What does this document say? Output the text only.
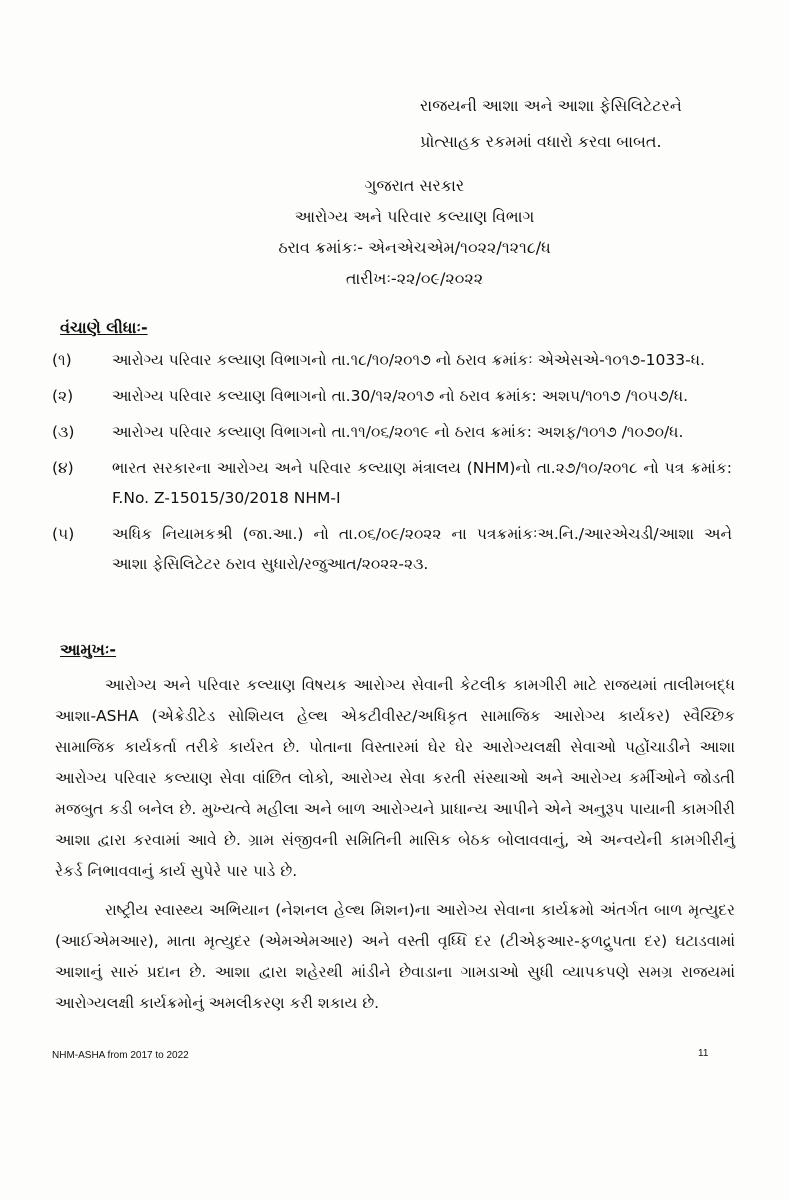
રાજયની આશા અને આશા ફેસિલિટેટરને
પ્રોત્સાહક રકમમાં વધારો કરવા બાબત.
ગુજરાત સરકાર
આરોગ્ય અને પરિવાર કલ્યાણ વિભાગ
ઠરાવ ક્રમાંકઃ- એનએચએમ/૧૦૨૨/૧૨૧૮/ધ
તારીખઃ-૨૨/૦૯/૨૦૨૨
વંચાણે લીધાઃ-
(૧)	આરોગ્ય પરિવાર કલ્યાણ વિભાગનો તા.૧૮/૧૦/૨૦૧૭ નો ઠરાવ ક્રમાંકઃ એએસએ-૧૦૧૭-1033-ધ.
(૨)	આરોગ્ય પરિવાર કલ્યાણ વિભાગનો તા.30/૧૨/૨૦૧૭ નો ઠરાવ ક્રમાંક: અશપ/૧૦૧૭ /૧૦૫૭/ધ.
(૩)	આરોગ્ય પરિવાર કલ્યાણ વિભાગનો તા.૧૧/૦૬/૨૦૧૯ નો ઠરાવ ક્રમાંક: અશફ/૧૦૧૭ /૧૦૭૦/ધ.
(૪)	ભારત સરકારના આરોગ્ય અને પરિવાર કલ્યાણ મંત્રાલય (NHM)નો તા.૨૭/૧૦/૨૦૧૮ નો પત્ર ક્રમાંક: F.No. Z-15015/30/2018 NHM-I
(૫)	અધિક નિયામકશ્રી (જા.આ.) નો તા.૦૬/૦૯/૨૦૨૨ ના પત્રક્રમાંકઃઅ.નિ./આરએચડી/આશા અને આશા ફેસિલિટેટર ઠરાવ સુધારો/રજુઆત/૨૦૨૨-૨૩.
આમુખઃ-

આરોગ્ય અને પરિવાર કલ્યાણ વિષયક આરોગ્ય સેવાની કેટલીક કામગીરી માટે રાજયમાં તાલીમબદ્ધ આશા-ASHA (એક્રેડીટેડ સોશિયલ હેલ્થ એકટીવીસ્ટ/અધિકૃત સામાજિક આરોગ્ય કાર્યકર) સ્વૈચ્છિક સામાજિક કાર્યકર્તા તરીકે કાર્યરત છે. પોતાના વિસ્તારમાં ઘેર ઘેર આરોગ્યલક્ષી સેવાઓ પહોંચાડીને આશા આરોગ્ય પરિવાર કલ્યાણ સેવા વાંછિત લોકો, આરોગ્ય સેવા કરતી સંસ્થાઓ અને આરોગ્ય કર્મીઓને જોડતી મજબુત કડી બનેલ છે. મુખ્યત્વે મહીલા અને બાળ આરોગ્યને પ્રાધાન્ય આપીને એને અનુરૂપ પાયાની કામગીરી આશા દ્વારા કરવામાં આવે છે. ગ્રામ સંજીવની સમિતિની માસિક બેઠક બોલાવવાનું, એ અન્વયેની કામગીરીનું રેકર્ડ નિભાવવાનું કાર્ય સુપેરે પાર પાડે છે.

રાષ્ટ્રીય સ્વાસ્થ્ય અભિયાન (નેશનલ હેલ્થ મિશન)ના આરોગ્ય સેવાના કાર્યક્રમો અંતર્ગત બાળ મૃત્યુદર (આઈએમઆર), માતા મૃત્યુદર (એમએમઆર) અને વસ્તી વૃધ્ધિ દર (ટીએફઆર-ફળદ્રુપતા દર) ઘટાડવામાં આશાનું સારું પ્રદાન છે. આશા દ્વારા શહેરથી માંડીને છેવાડાના ગામડાઓ સુધી વ્યાપકપણે સમગ્ર રાજયમાં આરોગ્યલક્ષી કાર્યક્રમોનું અમલીકરણ કરી શકાય છે.

NHM-ASHA from 2017 to 2022	11
